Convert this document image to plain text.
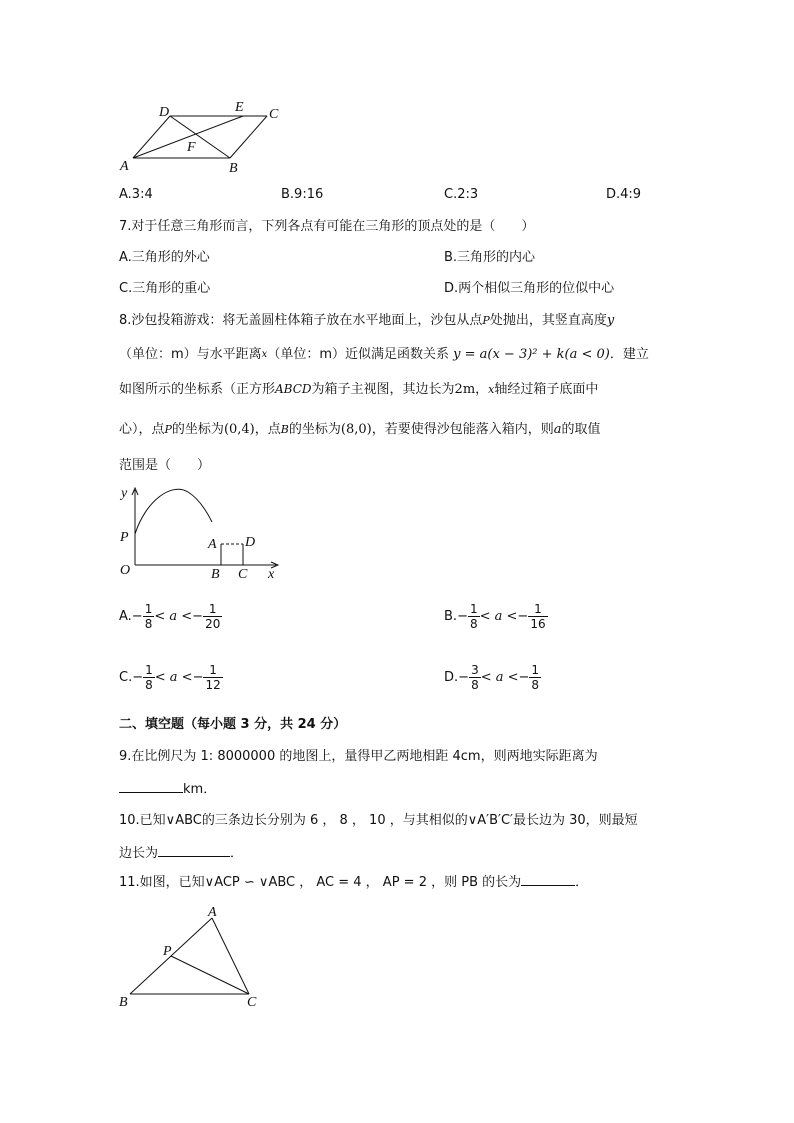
D	E C
F
A	B
A.3:4	B.9:16	C.2:3	D.4:9
7.对于任意三角形而言，下列各点有可能在三角形的顶点处的是（　　）
A.三角形的外心	B.三角形的内心
C.三角形的重心	D.两个相似三角形的位似中心
8.沙包投箱游戏：将无盖圆柱体箱子放在水平地面上，沙包从点P处抛出，其竖直高度y
（单位：m）与水平距离$^x$（单位：m）近似满足函数关系 y = a(x − 3)² + k(a < 0)．建立
如图所示的坐标系（正方形ABCD为箱子主视图，其边长为2m，x轴经过箱子底面中
心），点P的坐标为(0,4)，点B的坐标为(8,0)，若要使得沙包能落入箱内，则a的取值
范围是（　　）
y
P	A D
O	B C x
$A.- \frac{1}{8} < a <- \frac{1}{20}$	$B.- \frac{1}{8} < a <- \frac{1}{16}$
$C.- \frac{1}{8} < a <- \frac{1}{12}$	$D.- \frac{3}{8} < a <- \frac{1}{8}$
二、填空题（每小题 3 分，共 24 分）
9.在比例尺为 1: 8000000 的地图上，量得甲乙两地相距 4cm，则两地实际距离为
km．
10.已知∨ABC的三条边长分别为 6 ， 8 ， 10 ，与其相似的∨A′B′C′最长边为 30，则最短
边长为	．
11.如图，已知∨ACP ∽ ∨ABC ， AC = 4 ， AP = 2 ，则 PB 的长为	．
A
P
B	C
